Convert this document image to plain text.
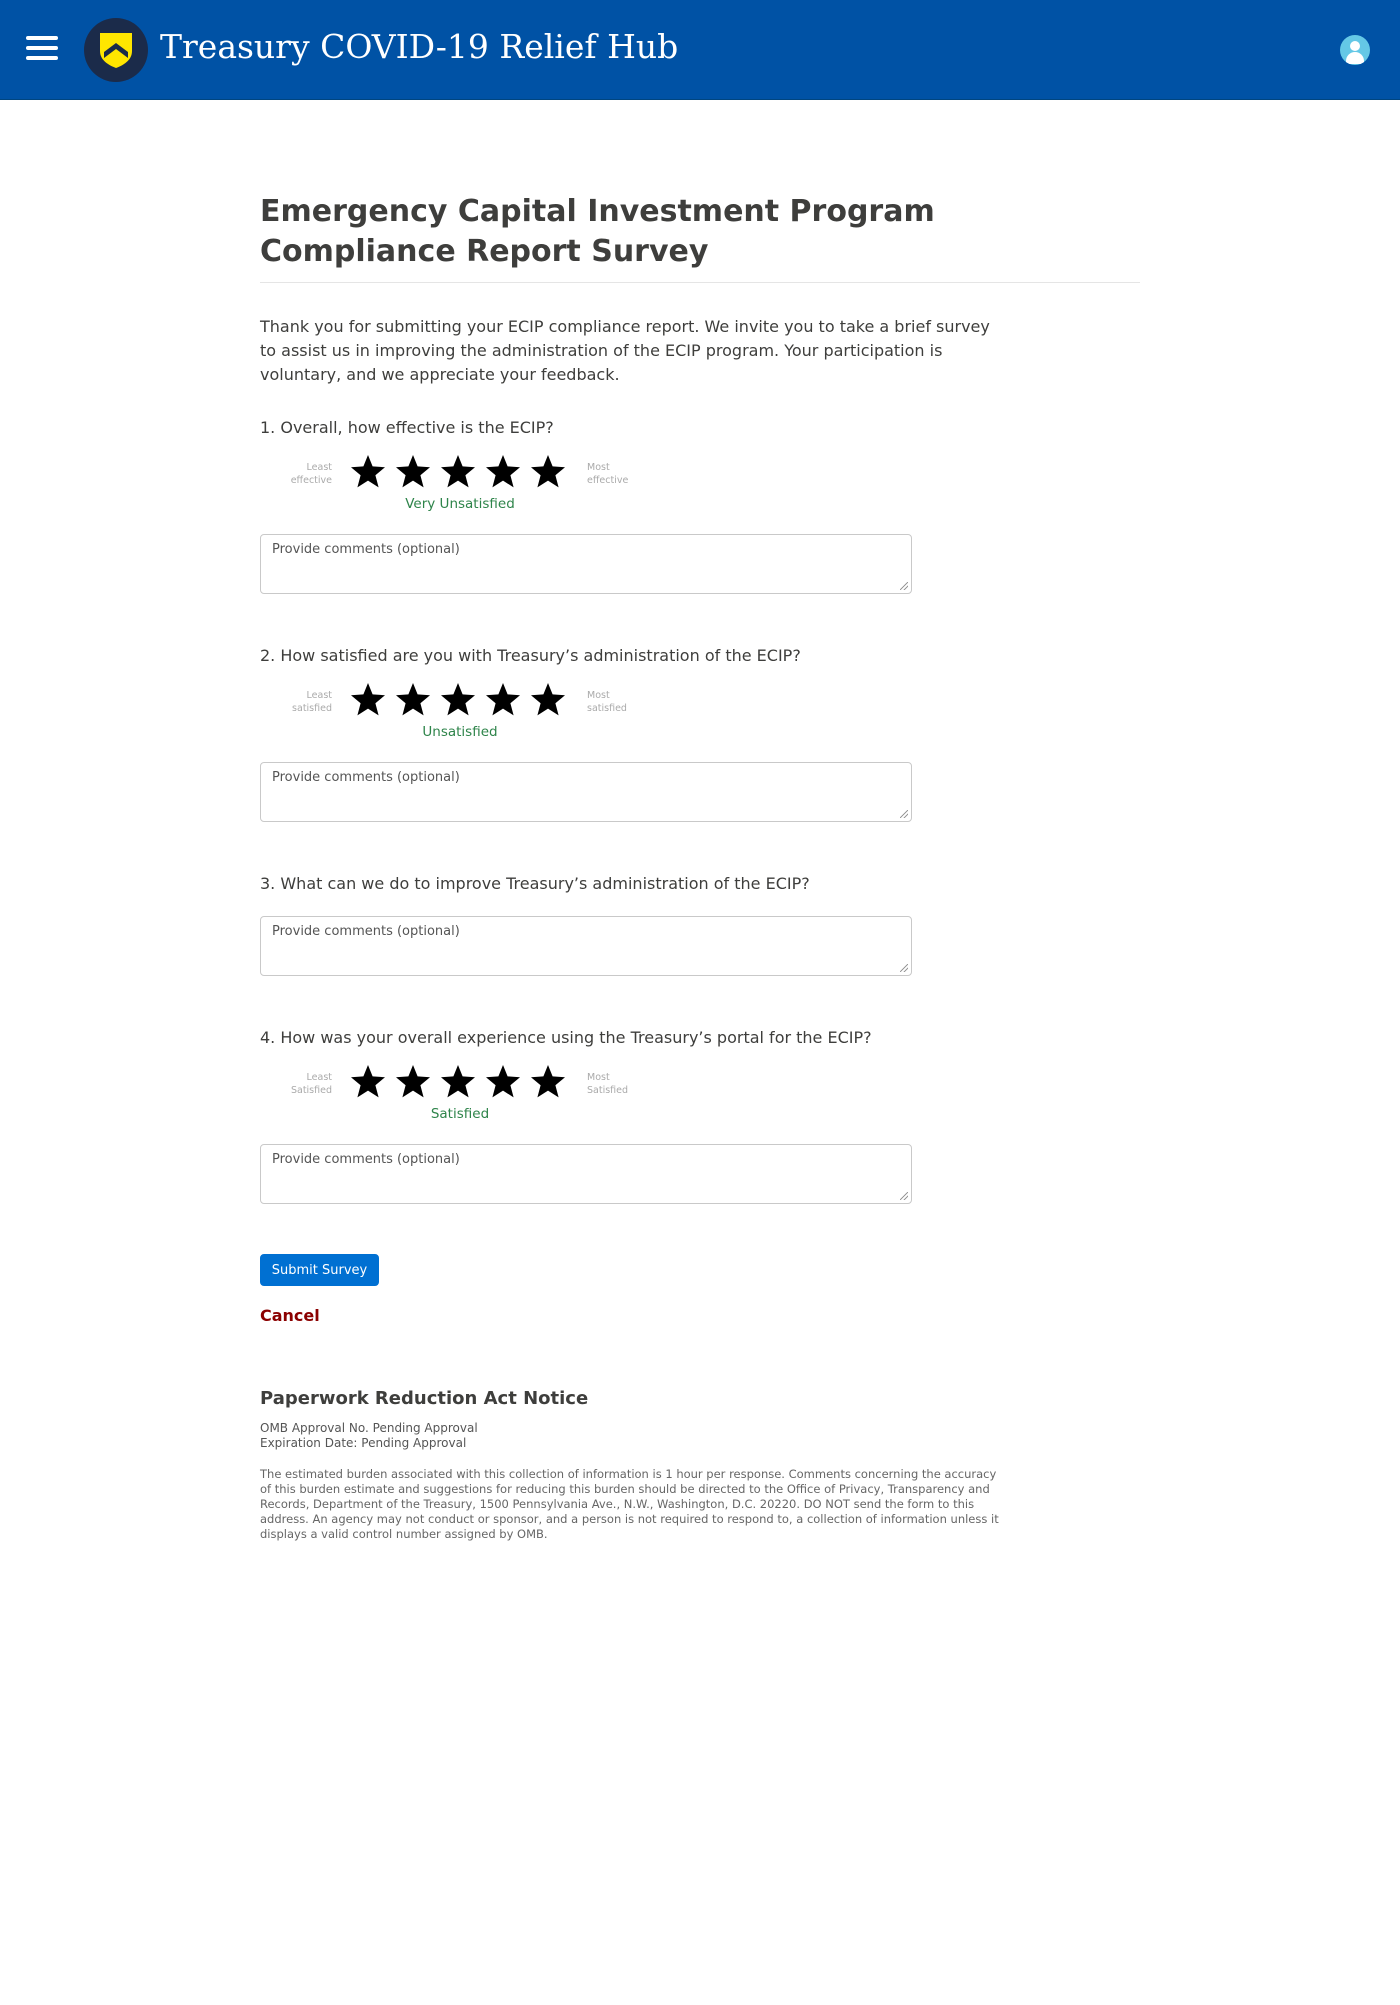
Treasury COVID-19 Relief Hub
Emergency Capital Investment Program Compliance Report Survey

Thank you for submitting your ECIP compliance report. We invite you to take a brief survey to assist us in improving the administration of the ECIP program. Your participation is voluntary, and we appreciate your feedback.

1. Overall, how effective is the ECIP?
Least effective
Most effective
Very Unsatisfied
Provide comments (optional)
2. How satisfied are you with Treasury’s administration of the ECIP?
Least satisfied
Most satisfied
Unsatisfied
Provide comments (optional)
3. What can we do to improve Treasury’s administration of the ECIP?
Provide comments (optional)
4. How was your overall experience using the Treasury’s portal for the ECIP?
Least Satisfied
Most Satisfied
Satisfied
Provide comments (optional)
Submit Survey
Cancel
Paperwork Reduction Act Notice
OMB Approval No. Pending Approval
Expiration Date: Pending Approval

The estimated burden associated with this collection of information is 1 hour per response. Comments concerning the accuracy of this burden estimate and suggestions for reducing this burden should be directed to the Office of Privacy, Transparency and Records, Department of the Treasury, 1500 Pennsylvania Ave., N.W., Washington, D.C. 20220. DO NOT send the form to this address. An agency may not conduct or sponsor, and a person is not required to respond to, a collection of information unless it displays a valid control number assigned by OMB.
